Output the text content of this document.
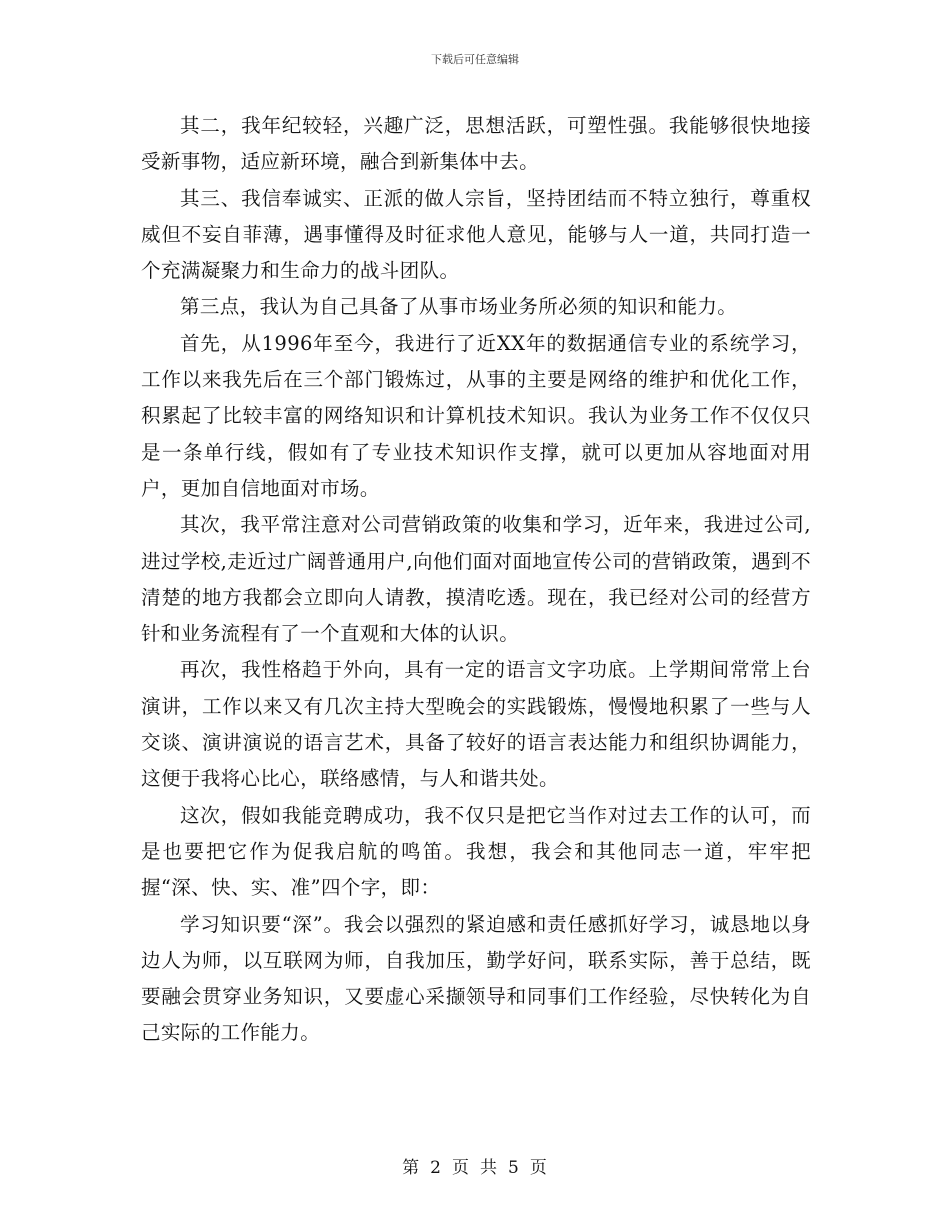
下载后可任意编辑

其二，我年纪较轻，兴趣广泛，思想活跃，可塑性强。我能够很快地接受新事物，适应新环境，融合到新集体中去。

其三、我信奉诚实、正派的做人宗旨，坚持团结而不特立独行，尊重权威但不妄自菲薄，遇事懂得及时征求他人意见，能够与人一道，共同打造一个充满凝聚力和生命力的战斗团队。

第三点，我认为自己具备了从事市场业务所必须的知识和能力。

首先，从1996年至今，我进行了近XX年的数据通信专业的系统学习，工作以来我先后在三个部门锻炼过，从事的主要是网络的维护和优化工作，积累起了比较丰富的网络知识和计算机技术知识。我认为业务工作不仅仅只是一条单行线，假如有了专业技术知识作支撑，就可以更加从容地面对用户，更加自信地面对市场。

其次，我平常注意对公司营销政策的收集和学习，近年来，我进过公司,进过学校,走近过广阔普通用户,向他们面对面地宣传公司的营销政策，遇到不清楚的地方我都会立即向人请教，摸清吃透。现在，我已经对公司的经营方针和业务流程有了一个直观和大体的认识。

再次，我性格趋于外向，具有一定的语言文字功底。上学期间常常上台演讲，工作以来又有几次主持大型晚会的实践锻炼，慢慢地积累了一些与人交谈、演讲演说的语言艺术，具备了较好的语言表达能力和组织协调能力，这便于我将心比心，联络感情，与人和谐共处。

这次，假如我能竞聘成功，我不仅只是把它当作对过去工作的认可，而是也要把它作为促我启航的鸣笛。我想，我会和其他同志一道，牢牢把握“深、快、实、准”四个字，即：

学习知识要“深”。我会以强烈的紧迫感和责任感抓好学习，诚恳地以身边人为师，以互联网为师，自我加压，勤学好问，联系实际，善于总结，既要融会贯穿业务知识，又要虚心采撷领导和同事们工作经验，尽快转化为自己实际的工作能力。

第 2 页 共 5 页
